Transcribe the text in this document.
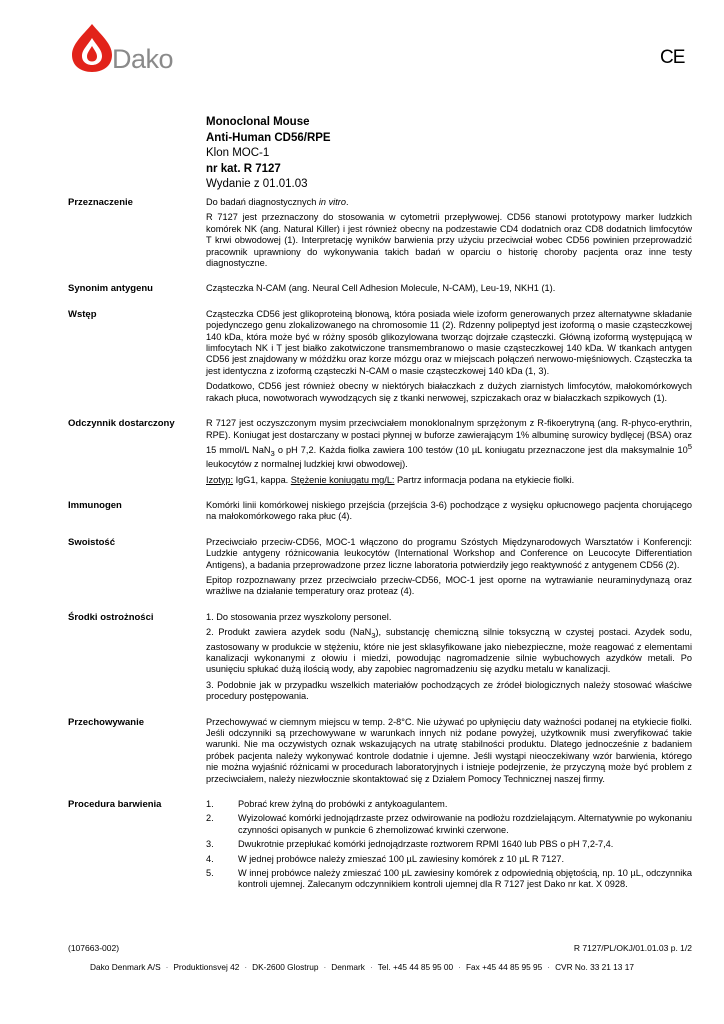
Dako	CE
Monoclonal Mouse
Anti-Human CD56/RPE
Klon MOC-1
nr kat. R 7127
Wydanie z 01.01.03
Przeznaczenie	Do badań diagnostycznych in vitro.

R 7127 jest przeznaczony do stosowania w cytometrii przepływowej. CD56 stanowi prototypowy marker ludzkich komórek NK (ang. Natural Killer) i jest również obecny na podzestawie CD4 dodatnich oraz CD8 dodatnich limfocytów T krwi obwodowej (1). Interpretację wyników barwienia przy użyciu przeciwciał wobec CD56 powinien przeprowadzić pracownik uprawniony do wykonywania takich badań w oparciu o historię choroby pacjenta oraz inne testy diagnostyczne.

Synonim antygenu	Cząsteczka N-CAM (ang. Neural Cell Adhesion Molecule, N-CAM), Leu-19, NKH1 (1).

Wstęp	Cząsteczka CD56 jest glikoproteiną błonową, która posiada wiele izoform generowanych przez alternatywne składanie pojedynczego genu zlokalizowanego na chromosomie 11 (2). Rdzenny polipeptyd jest izoformą o masie cząsteczkowej 140 kDa, która może być w różny sposób glikozylowana tworząc dojrzałe cząsteczki. Główną izoformą występującą w limfocytach NK i T jest białko zakotwiczone transmembranowo o masie cząsteczkowej 140 kDa. W tkankach antygen CD56 jest znajdowany w móżdżku oraz korze mózgu oraz w miejscach połączeń nerwowo-mięśniowych. Cząsteczka ta jest identyczna z izoformą cząsteczki N-CAM o masie cząsteczkowej 140 kDa (1, 3).

Dodatkowo, CD56 jest również obecny w niektórych białaczkach z dużych ziarnistych limfocytów, małokomórkowych rakach płuca, nowotworach wywodzących się z tkanki nerwowej, szpiczakach oraz w białaczkach szpikowych (1).

Odczynnik dostarczony	R 7127 jest oczyszczonym mysim przeciwciałem monoklonalnym sprzężonym z R-fikoerytryną (ang. R-phyco-erythrin, RPE). Koniugat jest dostarczany w postaci płynnej w buforze zawierającym 1% albuminę surowicy bydlęcej (BSA) oraz 15 mmol/L NaN$_3$ o pH 7,2. Każda fiolka zawiera 100 testów (10 µL koniugatu przeznaczone jest dla maksymalnie $10^5$ leukocytów z normalnej ludzkiej krwi obwodowej).

Izotyp: IgG1, kappa. Stężenie koniugatu mg/L: Partrz informacja podana na etykiecie fiolki.

Immunogen	Komórki linii komórkowej niskiego przejścia (przejścia 3-6) pochodzące z wysięku opłucnowego pacjenta chorującego na małokomórkowego raka płuc (4).

Swoistość	Przeciwciało przeciw-CD56, MOC-1 włączono do programu Szóstych Międzynarodowych Warsztatów i Konferencji: Ludzkie antygeny różnicowania leukocytów (International Workshop and Conference on Leucocyte Differentiation Antigens), a badania przeprowadzone przez liczne laboratoria potwierdziły jego reaktywność z antygenem CD56 (2).

Epitop rozpoznawany przez przeciwciało przeciw-CD56, MOC-1 jest oporne na wytrawianie neuraminydynazą oraz wrażliwe na działanie temperatury oraz proteaz (4).

Środki ostrożności	1. Do stosowania przez wyszkolony personel.

2. Produkt zawiera azydek sodu (NaN$_3$), substancję chemiczną silnie toksyczną w czystej postaci. Azydek sodu, zastosowany w produkcie w stężeniu, które nie jest sklasyfikowane jako niebezpieczne, może reagować z elementami kanalizacji wykonanymi z ołowiu i miedzi, powodując nagromadzenie silnie wybuchowych azydków metali. Po usunięciu spłukać dużą ilością wody, aby zapobiec nagromadzeniu się azydku metalu w kanalizacji.

3. Podobnie jak w przypadku wszelkich materiałów pochodzących ze źródeł biologicznych należy stosować właściwe procedury postępowania.

Przechowywanie	Przechowywać w ciemnym miejscu w temp. 2-8°C. Nie używać po upłynięciu daty ważności podanej na etykiecie fiolki. Jeśli odczynniki są przechowywane w warunkach innych niż podane powyżej, użytkownik musi zweryfikować takie warunki. Nie ma oczywistych oznak wskazujących na utratę stabilności produktu. Dlatego jednocześnie z badaniem próbek pacjenta należy wykonywać kontrole dodatnie i ujemne. Jeśli wystąpi nieoczekiwany wzór barwienia, którego nie można wyjaśnić różnicami w procedurach laboratoryjnych i istnieje podejrzenie, że przyczyną może być problem z przeciwciałem, należy niezwłocznie skontaktować się z Działem Pomocy Technicznej naszej firmy.

Procedura barwienia	1.	Pobrać krew żylną do probówki z antykoagulantem.
2.	Wyizolować komórki jednojądrzaste przez odwirowanie na podłożu rozdzielającym. Alternatywnie po wykonaniu czynności opisanych w punkcie 6 zhemolizować krwinki czerwone.
3.	Dwukrotnie przepłukać komórki jednojądrzaste roztworem RPMI 1640 lub PBS o pH 7,2-7,4.
4.	W jednej probówce należy zmieszać 100 µL zawiesiny komórek z 10 µL R 7127.
5.	W innej probówce należy zmieszać 100 µL zawiesiny komórek z odpowiednią objętością, np. 10 µL, odczynnika kontroli ujemnej. Zalecanym odczynnikiem kontroli ujemnej dla R 7127 jest Dako nr kat. X 0928.
(107663-002)	R 7127/PL/OKJ/01.01.03 p. 1/2
Dako Denmark A/S · Produktionsvej 42 · DK-2600 Glostrup · Denmark · Tel. +45 44 85 95 00 · Fax +45 44 85 95 95 · CVR No. 33 21 13 17
